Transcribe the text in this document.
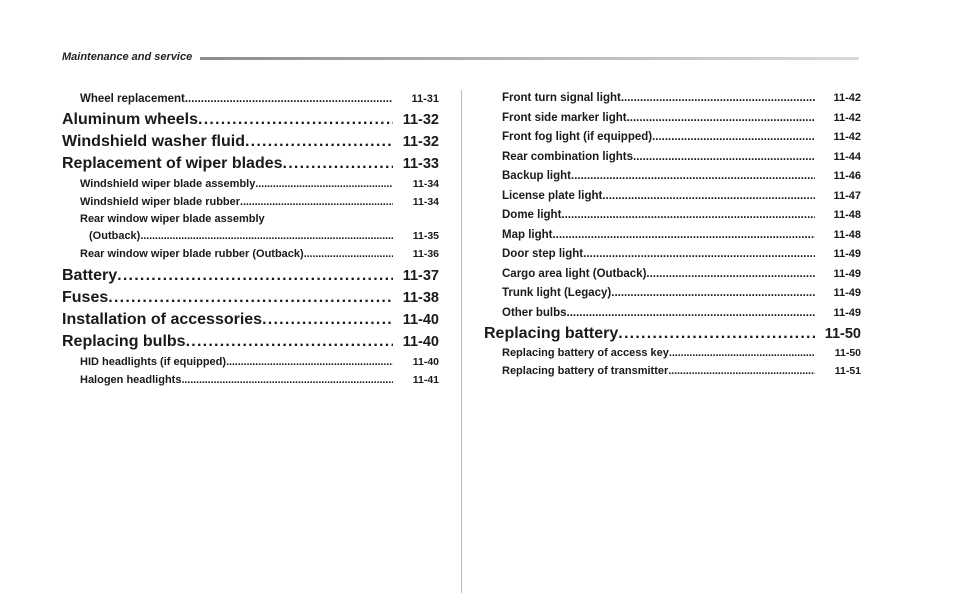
Maintenance and service
Wheel replacement . . .	11-31
Aluminum wheels . . .	11-32
Windshield washer fluid . . .	11-32
Replacement of wiper blades . . .	11-33
Windshield wiper blade assembly . . .	11-34
Windshield wiper blade rubber . . .	11-34
Rear window wiper blade assembly
(Outback) . . .	11-35
Rear window wiper blade rubber (Outback) . . .	11-36
Battery . . .	11-37
Fuses . . .	11-38
Installation of accessories . . .	11-40
Replacing bulbs . . .	11-40
HID headlights (if equipped) . . .	11-40
Halogen headlights . . .	11-41
Front turn signal light . . .	11-42
Front side marker light . . .	11-42
Front fog light (if equipped) . . .	11-42
Rear combination lights . . .	11-44
Backup light . . .	11-46
License plate light . . .	11-47
Dome light . . .	11-48
Map light . . .	11-48
Door step light . . .	11-49
Cargo area light (Outback) . . .	11-49
Trunk light (Legacy) . . .	11-49
Other bulbs . . .	11-49
Replacing battery . . .	11-50
Replacing battery of access key . . .	11-50
Replacing battery of transmitter . . .	11-51
